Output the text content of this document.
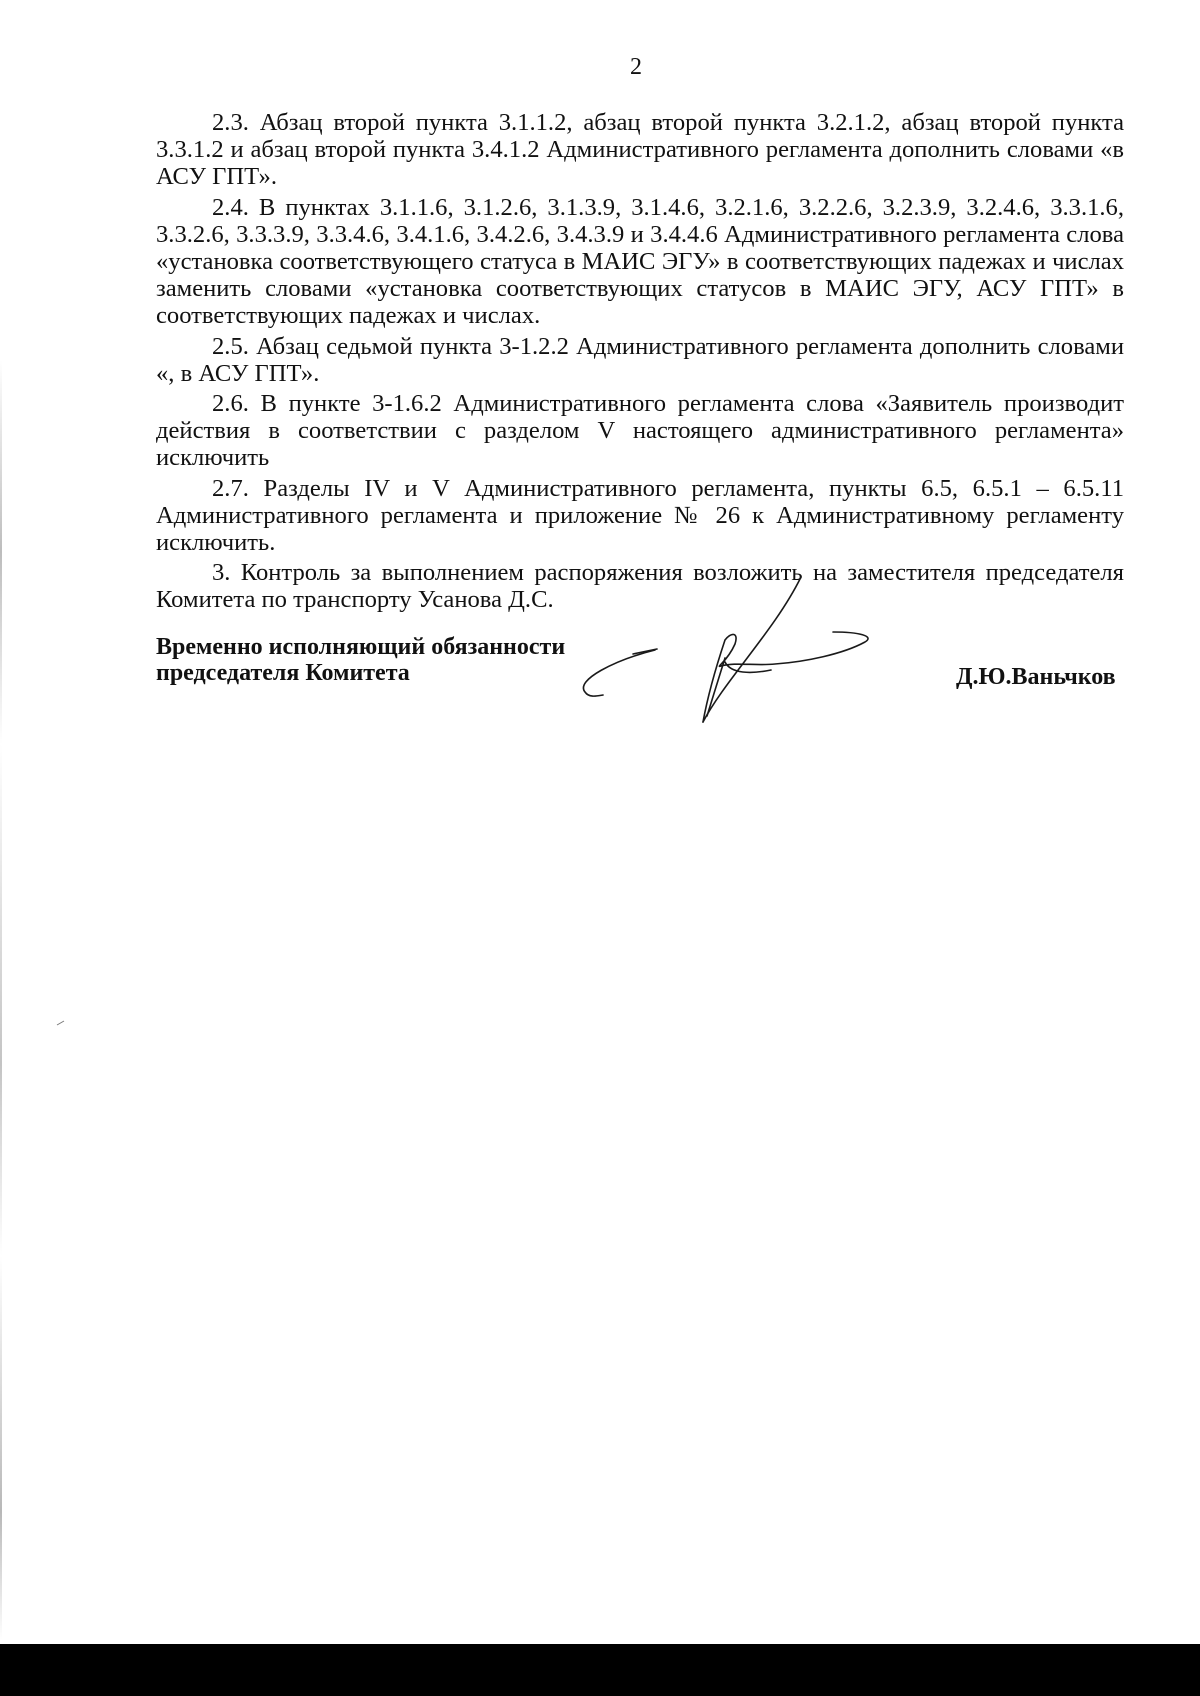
2

2.3. Абзац второй пункта 3.1.1.2, абзац второй пункта 3.2.1.2, абзац второй пункта 3.3.1.2 и абзац второй пункта 3.4.1.2 Административного регламента дополнить словами «в АСУ ГПТ».

2.4. В пунктах 3.1.1.6, 3.1.2.6, 3.1.3.9, 3.1.4.6, 3.2.1.6, 3.2.2.6, 3.2.3.9, 3.2.4.6, 3.3.1.6, 3.3.2.6, 3.3.3.9, 3.3.4.6, 3.4.1.6, 3.4.2.6, 3.4.3.9 и 3.4.4.6 Административного регламента слова «установка соответствующего статуса в МАИС ЭГУ» в соответствующих падежах и числах заменить словами «установка соответствующих статусов в МАИС ЭГУ, АСУ ГПТ» в соответствующих падежах и числах.

2.5. Абзац седьмой пункта 3-1.2.2 Административного регламента дополнить словами «, в АСУ ГПТ».

2.6. В пункте 3-1.6.2 Административного регламента слова «Заявитель производит действия в соответствии с разделом V настоящего административного регламента» исключить

2.7. Разделы IV и V Административного регламента, пункты 6.5, 6.5.1 – 6.5.11 Административного регламента и приложение № 26 к Административному регламенту исключить.

3. Контроль за выполнением распоряжения возложить на заместителя председателя Комитета по транспорту Усанова Д.С.

Временно исполняющий обязанности
председателя Комитета	Д.Ю.Ваньчков
